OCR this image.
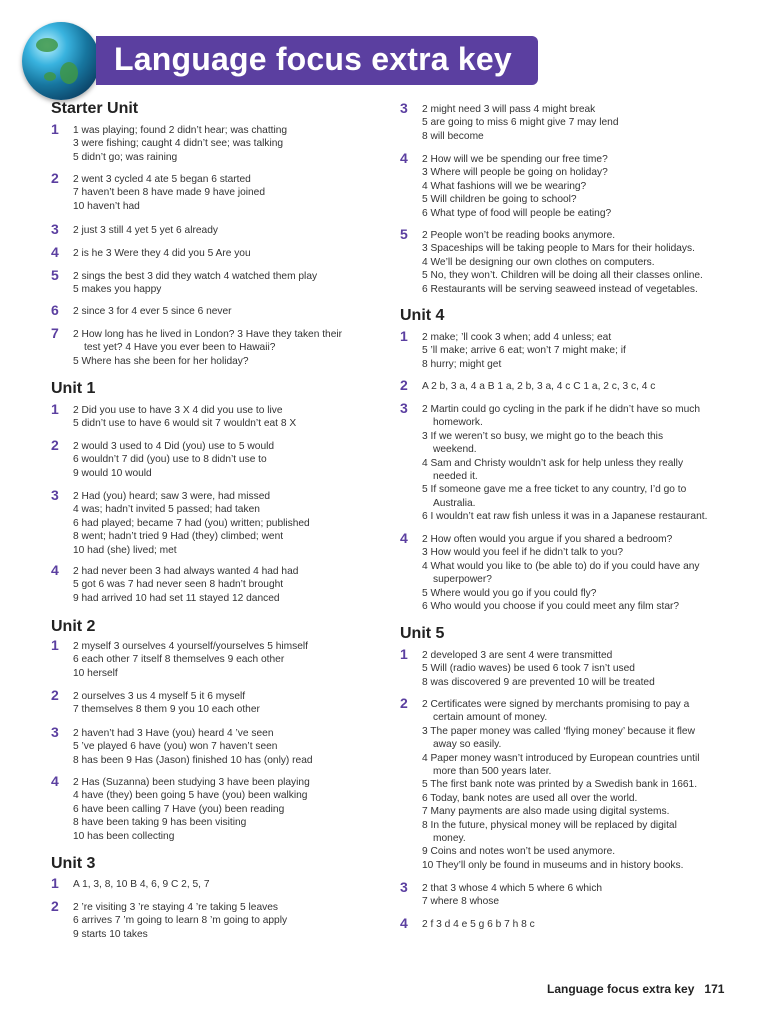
Language focus extra key
Starter Unit
1	1 was playing; found 2 didn’t hear; was chatting
3 were fishing; caught 4 didn’t see; was talking
5 didn’t go; was raining
2	2 went 3 cycled 4 ate 5 began 6 started
7 haven’t been 8 have made 9 have joined
10 haven’t had
3	2 just 3 still 4 yet 5 yet 6 already
4	2 is he 3 Were they 4 did you 5 Are you
5	2 sings the best 3 did they watch 4 watched them play
5 makes you happy
6	2 since 3 for 4 ever 5 since 6 never
7	2 How long has he lived in London? 3 Have they taken their
test yet? 4 Have you ever been to Hawaii?
5 Where has she been for her holiday?
Unit 1
1	2 Did you use to have 3 X 4 did you use to live
5 didn’t use to have 6 would sit 7 wouldn’t eat 8 X
2	2 would 3 used to 4 Did (you) use to 5 would
6 wouldn’t 7 did (you) use to 8 didn’t use to
9 would 10 would
3	2 Had (you) heard; saw 3 were, had missed
4 was; hadn’t invited 5 passed; had taken
6 had played; became 7 had (you) written; published
8 went; hadn’t tried 9 Had (they) climbed; went
10 had (she) lived; met
4	2 had never been 3 had always wanted 4 had had
5 got 6 was 7 had never seen 8 hadn’t brought
9 had arrived 10 had set 11 stayed 12 danced
Unit 2
1	2 myself 3 ourselves 4 yourself/yourselves 5 himself
6 each other 7 itself 8 themselves 9 each other
10 herself
2	2 ourselves 3 us 4 myself 5 it 6 myself
7 themselves 8 them 9 you 10 each other
3	2 haven’t had 3 Have (you) heard 4 ’ve seen
5 ’ve played 6 have (you) won 7 haven’t seen
8 has been 9 Has (Jason) finished 10 has (only) read
4	2 Has (Suzanna) been studying 3 have been playing
4 have (they) been going 5 have (you) been walking
6 have been calling 7 Have (you) been reading
8 have been taking 9 has been visiting
10 has been collecting
Unit 3
1	A 1, 3, 8, 10 B 4, 6, 9 C 2, 5, 7
2	2 ’re visiting 3 ’re staying 4 ’re taking 5 leaves
6 arrives 7 ’m going to learn 8 ’m going to apply
9 starts 10 takes
3	2 might need 3 will pass 4 might break
5 are going to miss 6 might give 7 may lend
8 will become
4	2 How will we be spending our free time?
3 Where will people be going on holiday?
4 What fashions will we be wearing?
5 Will children be going to school?
6 What type of food will people be eating?
5	2 People won’t be reading books anymore.
3 Spaceships will be taking people to Mars for their holidays.
4 We’ll be designing our own clothes on computers.
5 No, they won’t. Children will be doing all their classes online.
6 Restaurants will be serving seaweed instead of vegetables.
Unit 4
1	2 make; ’ll cook 3 when; add 4 unless; eat
5 ’ll make; arrive 6 eat; won’t 7 might make; if
8 hurry; might get
2	A 2 b, 3 a, 4 a B 1 a, 2 b, 3 a, 4 c C 1 a, 2 c, 3 c, 4 c
3	2 Martin could go cycling in the park if he didn’t have so much
homework.
3 If we weren’t so busy, we might go to the beach this
weekend.
4 Sam and Christy wouldn’t ask for help unless they really
needed it.
5 If someone gave me a free ticket to any country, I’d go to
Australia.
6 I wouldn’t eat raw fish unless it was in a Japanese restaurant.
4	2 How often would you argue if you shared a bedroom?
3 How would you feel if he didn’t talk to you?
4 What would you like to (be able to) do if you could have any
superpower?
5 Where would you go if you could fly?
6 Who would you choose if you could meet any film star?
Unit 5
1	2 developed 3 are sent 4 were transmitted
5 Will (radio waves) be used 6 took 7 isn’t used
8 was discovered 9 are prevented 10 will be treated
2	2 Certificates were signed by merchants promising to pay a
certain amount of money.
3 The paper money was called ‘flying money’ because it flew
away so easily.
4 Paper money wasn’t introduced by European countries until
more than 500 years later.
5 The first bank note was printed by a Swedish bank in 1661.
6 Today, bank notes are used all over the world.
7 Many payments are also made using digital systems.
8 In the future, physical money will be replaced by digital
money.
9 Coins and notes won’t be used anymore.
10 They’ll only be found in museums and in history books.
3	2 that 3 whose 4 which 5 where 6 which
7 where 8 whose
4	2 f 3 d 4 e 5 g 6 b 7 h 8 c
Language focus extra key 171
